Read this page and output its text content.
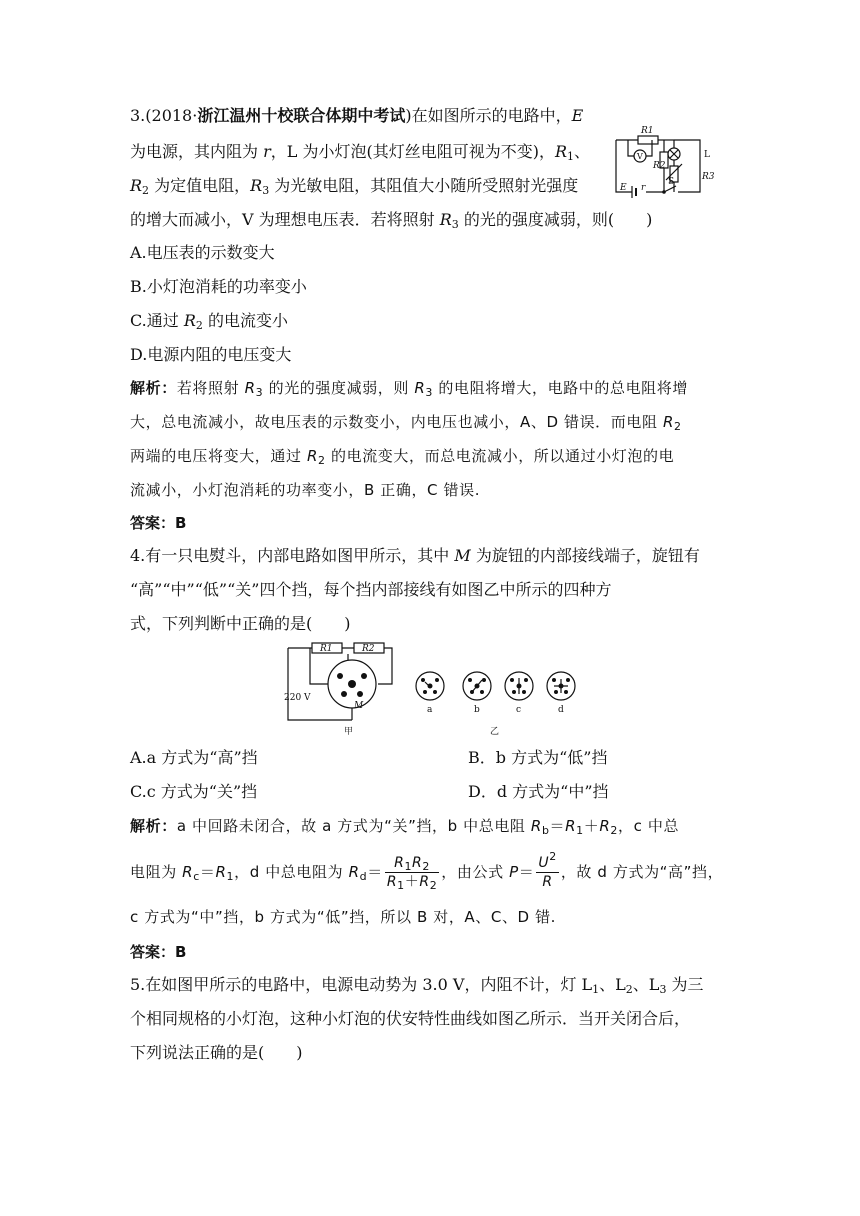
3.(2018·浙江温州十校联合体期中考试)在如图所示的电路中，E
为电源，其内阻为 r，L 为小灯泡(其灯丝电阻可视为不变)，$R_1$、
$R_2$ 为定值电阻，$R_3$ 为光敏电阻，其阻值大小随所受照射光强度
的增大而减小，V 为理想电压表．若将照射 $R_3$ 的光的强度减弱，则(　　)
R1
V
R2
L
R3
E r
S
A.电压表的示数变大
B.小灯泡消耗的功率变小
C.通过 $R_2$ 的电流变小
D.电源内阻的电压变大
解析：若将照射 $R_3$ 的光的强度减弱，则 $R_3$ 的电阻将增大，电路中的总电阻将增
大，总电流减小，故电压表的示数变小，内电压也减小，A、D 错误．而电阻 $R_2$
两端的电压将变大，通过 $R_2$ 的电流变大，而总电流减小，所以通过小灯泡的电
流减小，小灯泡消耗的功率变小，B 正确，C 错误.
答案：B
4.有一只电熨斗，内部电路如图甲所示，其中 M 为旋钮的内部接线端子，旋钮有
“高”“中”“低”“关”四个挡，每个挡内部接线有如图乙中所示的四种方
式，下列判断中正确的是(　　)
220 V
M
R1	R2
甲
a	b	c	d
乙
A.a 方式为“高”挡	B．b 方式为“低”挡
C.c 方式为“关”挡	D．d 方式为“中”挡
解析：a 中回路未闭合，故 a 方式为“关”挡，b 中总电阻 $R_b=R_1+R_2$，c 中总
电阻为 $R_c=R_1$，d 中总电阻为 $R_d= \frac{R_1R_2}{R_1+R_2}$ ，由公式 $P= \frac{U^2}{R}$ ，故 d 方式为“高”挡，
c 方式为“中”挡，b 方式为“低”挡，所以 B 对，A、C、D 错.
答案：B
5.在如图甲所示的电路中，电源电动势为 3.0 V，内阻不计，灯 $L_1$、$L_2$、$L_3$ 为三
个相同规格的小灯泡，这种小灯泡的伏安特性曲线如图乙所示．当开关闭合后，
下列说法正确的是(　　)
